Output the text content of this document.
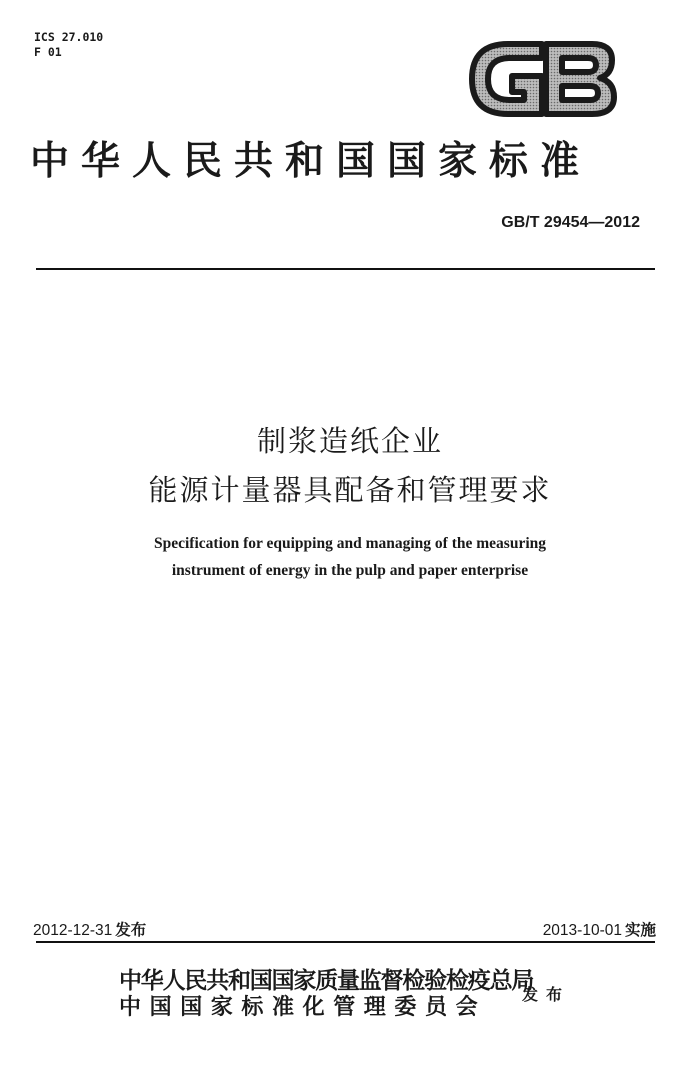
ICS 27.010
F 01
中华人民共和国国家标准
GB/T 29454—2012
制浆造纸企业
能源计量器具配备和管理要求
Specification for equipping and managing of the measuring
instrument of energy in the pulp and paper enterprise
2012-12-31 发布	2013-10-01 实施
中华人民共和国国家质量监督检验检疫总局
中国国家标准化管理委员会 发布
